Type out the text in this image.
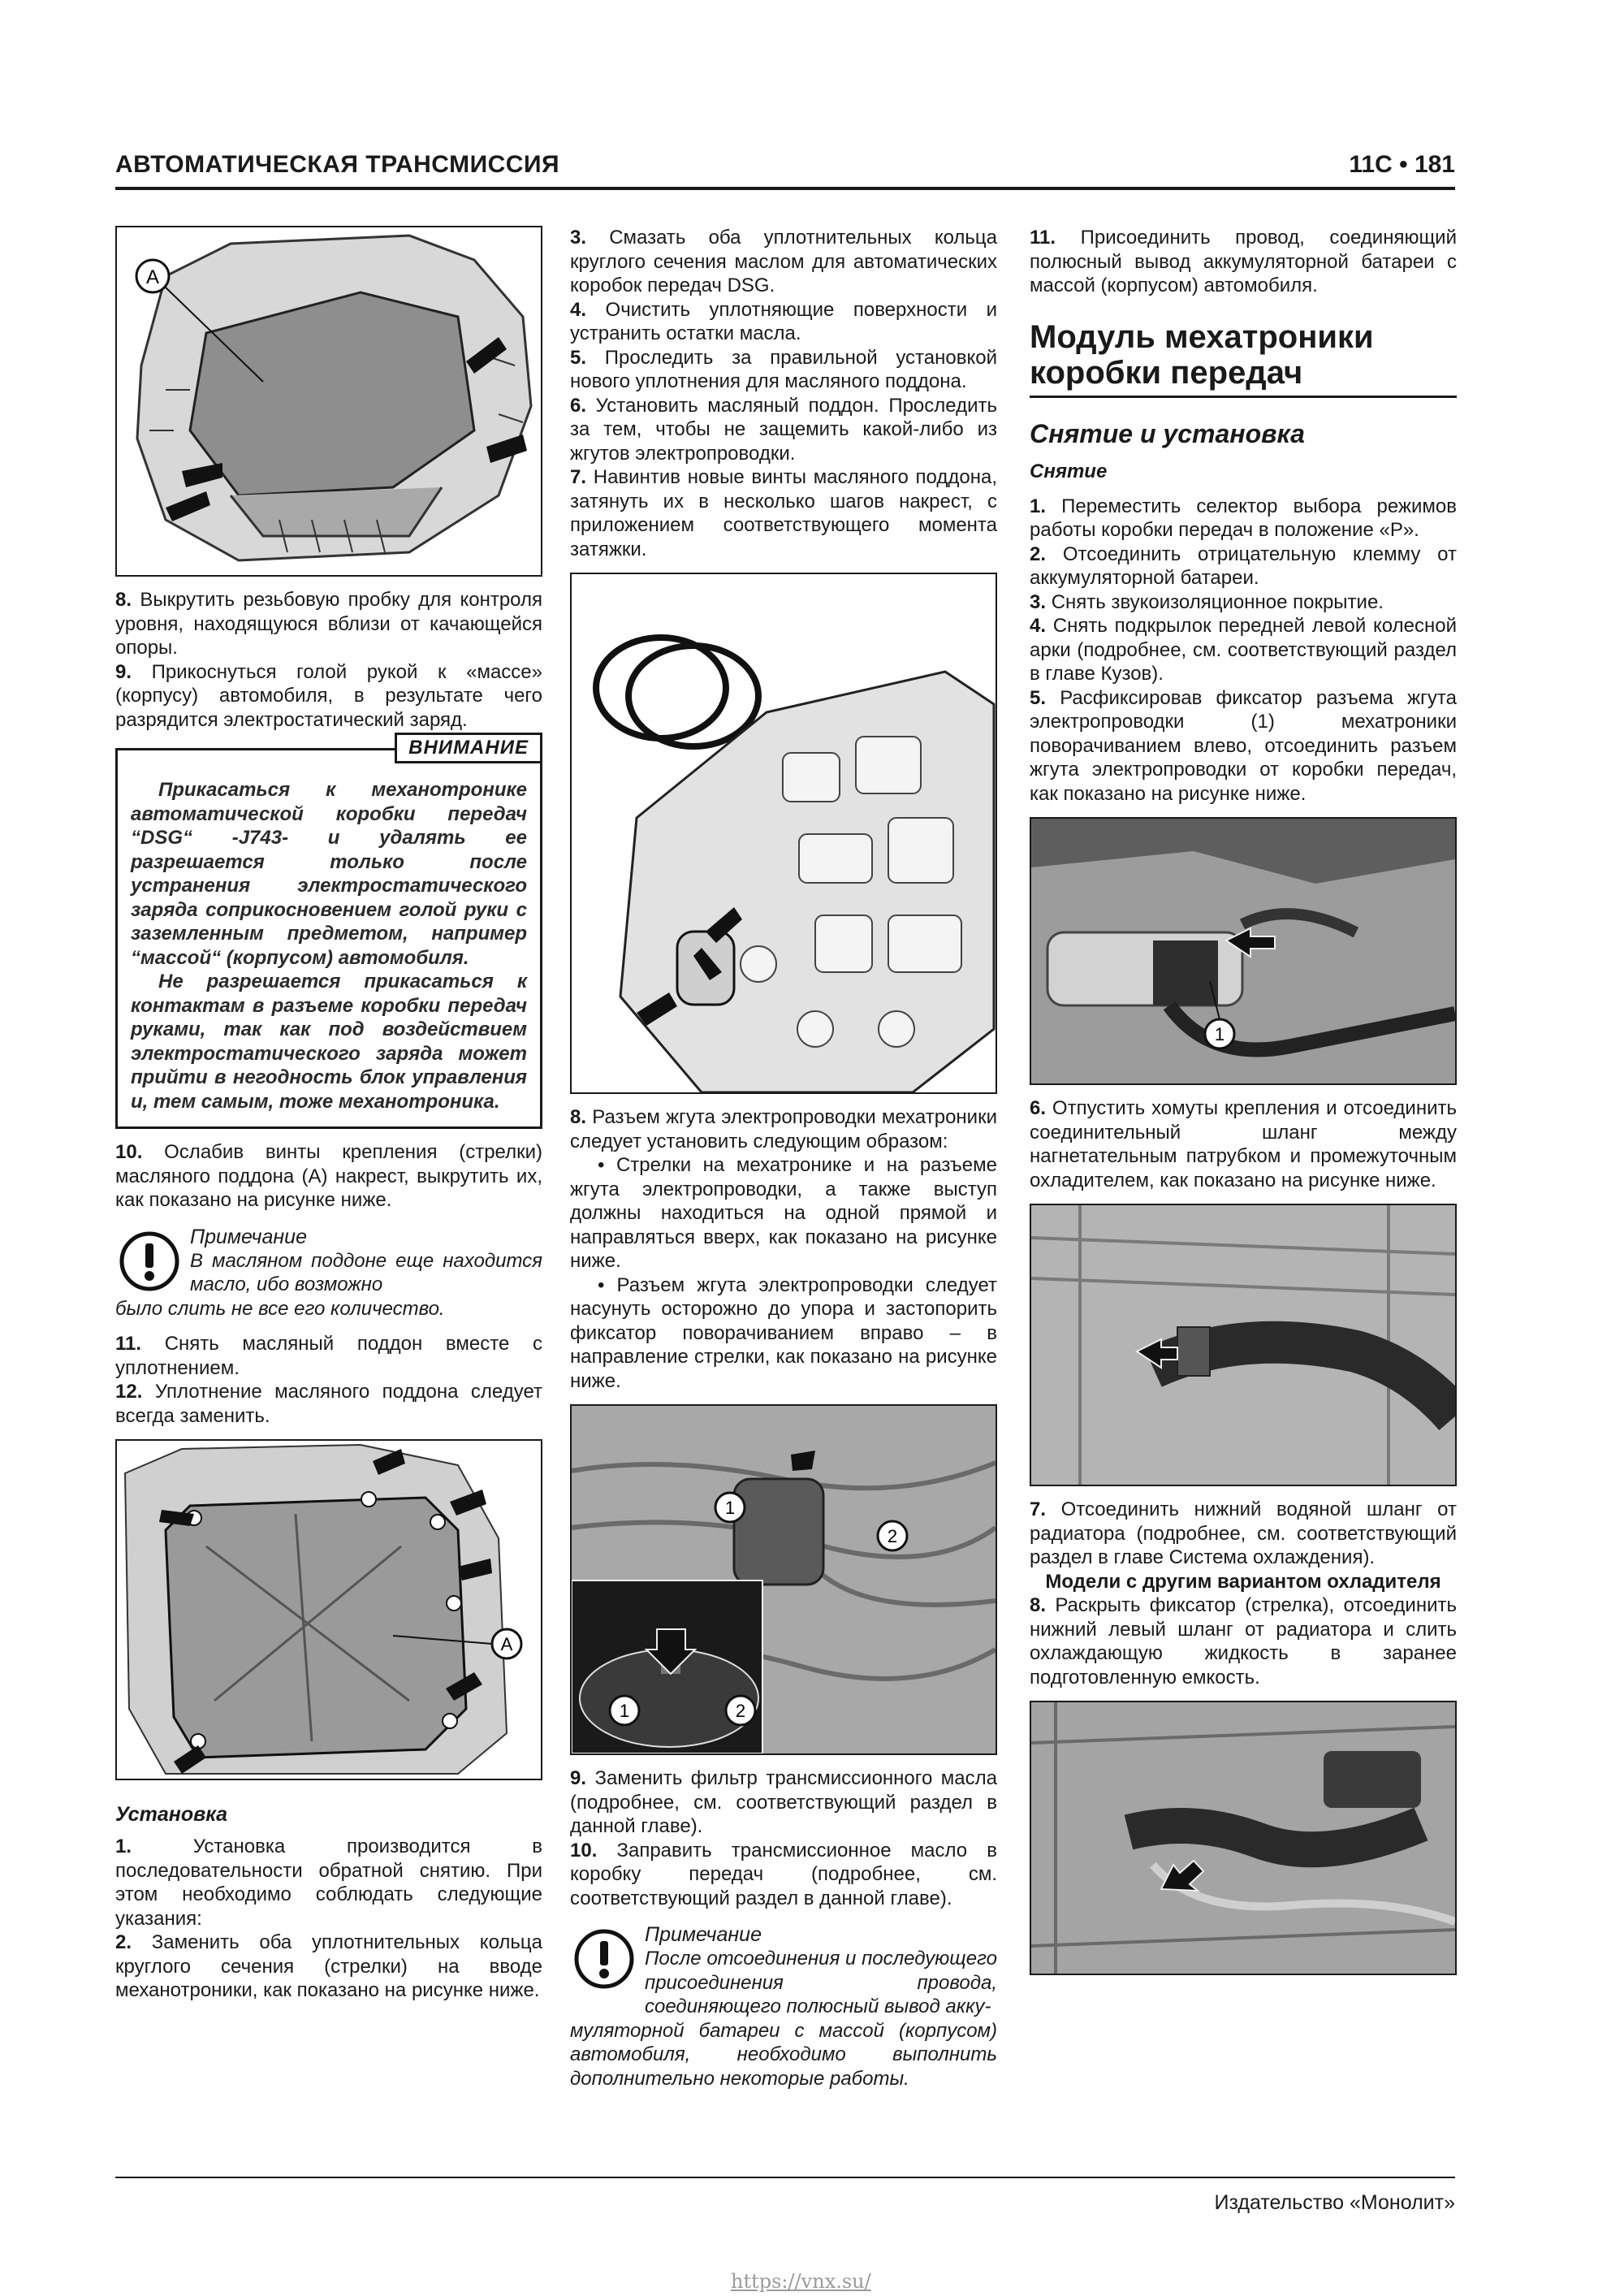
АВТОМАТИЧЕСКАЯ ТРАНСМИССИЯ	11C • 181
A

8. Выкрутить резьбовую пробку для контроля уровня, находящуюся вблизи от качающейся опоры.

9. Прикоснуться голой рукой к «массе» (корпусу) автомобиля, в результате чего разрядится электростатический заряд.

ВНИМАНИЕ

Прикасаться к механотронике автоматической коробки передач “DSG“ -J743- и удалять ее разрешается только после устранения электростатического заряда соприкосновением голой руки с заземленным предметом, например “массой“ (корпусом) автомобиля.

Не разрешается прикасаться к контактам в разъеме коробки передач руками, так как под воздействием электростатического заряда может прийти в негодность блок управления и, тем самым, тоже механотроника.

10. Ослабив винты крепления (стрелки) масляного поддона (A) накрест, выкрутить их, как показано на рисунке ниже.

Примечание
В масляном поддоне еще находится масло, ибо возможно
было слить не все его количество.

11. Снять масляный поддон вместе с уплотнением.

12. Уплотнение масляного поддона следует всегда заменить.

A
Установка

1.	Установка производится в последовательности обратной снятию. При этом необходимо соблюдать следующие указания:

2. Заменить оба уплотнительных кольца круглого сечения (стрелки) на вводе механотроники, как показано на рисунке ниже.

3. Смазать оба уплотнительных кольца круглого сечения маслом для автоматических коробок передач DSG.

4. Очистить уплотняющие поверхности и устранить остатки масла.

5. Проследить за правильной установкой нового уплотнения для масляного поддона.

6. Установить масляный поддон. Проследить за тем, чтобы не защемить какой-либо из жгутов электропроводки.

7. Навинтив новые винты масляного поддона, затянуть их в несколько шагов накрест, с приложением соответствующего момента затяжки.

8. Разъем жгута электропроводки мехатроники следует установить следующим образом:

• Стрелки на мехатронике и на разъеме жгута электропроводки, а также выступ должны находиться на одной прямой и направляться вверх, как показано на рисунке ниже.

• Разъем жгута электропроводки следует насунуть осторожно до упора и застопорить фиксатор поворачиванием вправо – в направление стрелки, как показано на рисунке ниже.

1
2
1	2

9. Заменить фильтр трансмиссионного масла (подробнее, см. соответствующий раздел в данной главе).

10. Заправить трансмиссионное масло в коробку передач (подробнее, см. соответствующий раздел в данной главе).

Примечание
После отсоединения и последующего присоединения провода, соединяющего полюсный вывод акку-
муляторной батареи с массой (корпусом) автомобиля, необходимо выполнить дополнительно некоторые работы.

11. Присоединить провод, соединяющий полюсный вывод аккумуляторной батареи с массой (корпусом) автомобиля.

Модуль мехатроники коробки передач
Снятие и установка
Снятие

1. Переместить селектор выбора режимов работы коробки передач в положение «P».

2. Отсоединить отрицательную клемму от аккумуляторной батареи.

3. Снять звукоизоляционное покрытие.

4. Снять подкрылок передней левой колесной арки (подробнее, см. соответствующий раздел в главе Кузов).

5. Расфиксировав фиксатор разъема жгута электропроводки (1) мехатроники поворачиванием влево, отсоединить разъем жгута электропроводки от коробки передач, как показано на рисунке ниже.

1

6. Отпустить хомуты крепления и отсоединить соединительный шланг между нагнетательным патрубком и промежуточным охладителем, как показано на рисунке ниже.

7. Отсоединить нижний водяной шланг от радиатора (подробнее, см. соответствующий раздел в главе Система охлаждения).

Модели с другим вариантом охладителя

8. Раскрыть фиксатор (стрелка), отсоединить нижний левый шланг от радиатора и слить охлаждающую жидкость в заранее подготовленную емкость.

Издательство «Монолит»
https://vnx.su/
